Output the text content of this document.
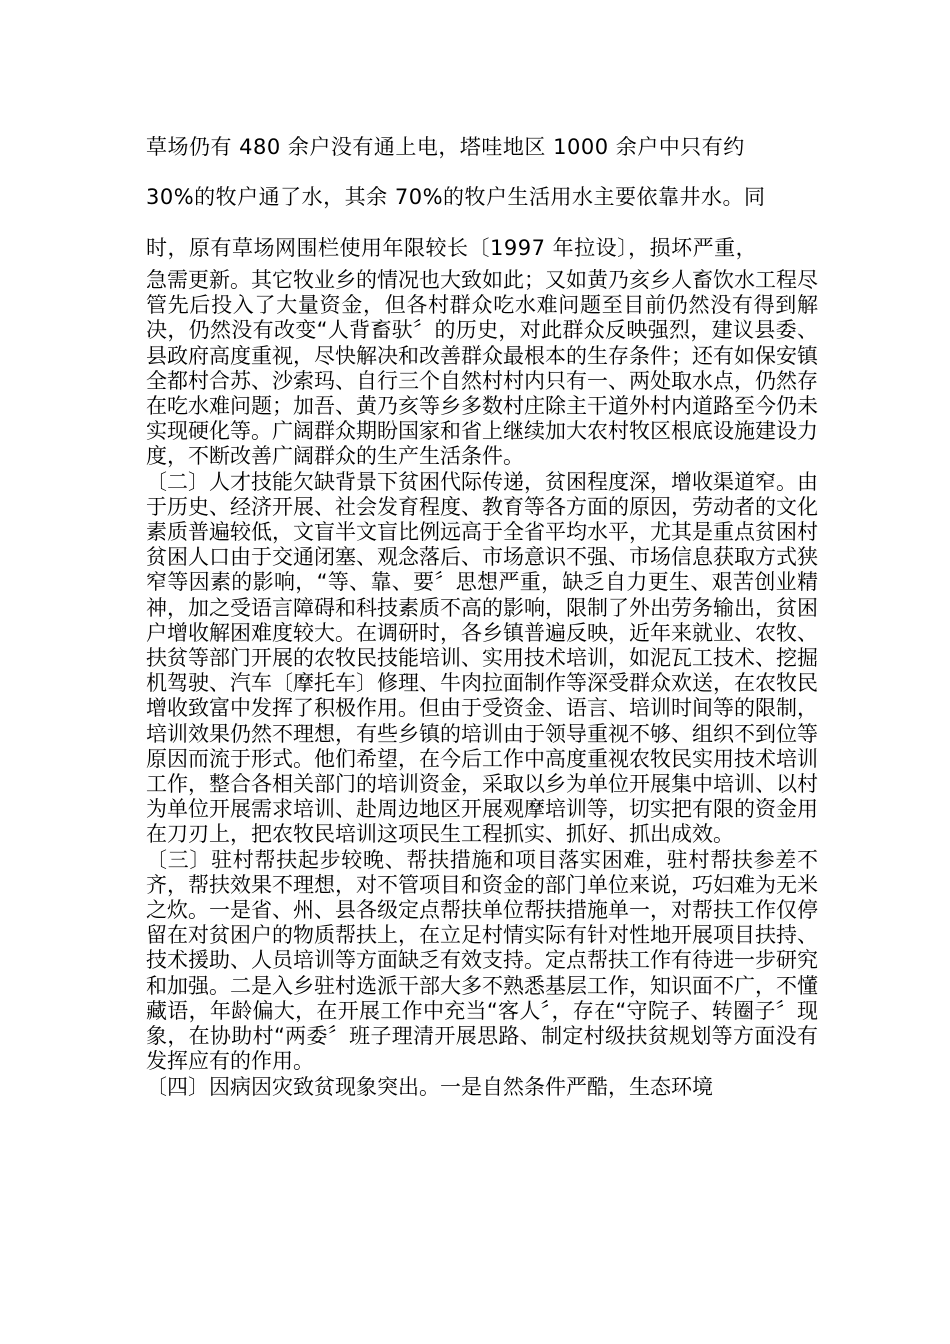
草场仍有 480 余户没有通上电，塔哇地区 1000 余户中只有约
30%的牧户通了水，其余 70%的牧户生活用水主要依靠井水。同
时，原有草场网围栏使用年限较长〔1997 年拉设〕，损坏严重，

急需更新。其它牧业乡的情况也大致如此；又如黄乃亥乡人畜饮水工程尽管先后投入了大量资金，但各村群众吃水难问题至目前仍然没有得到解决，仍然没有改变“人背畜驮〞的历史，对此群众反映强烈，建议县委、县政府高度重视，尽快解决和改善群众最根本的生存条件；还有如保安镇全都村合苏、沙索玛、自行三个自然村村内只有一、两处取水点，仍然存在吃水难问题；加吾、黄乃亥等乡多数村庄除主干道外村内道路至今仍未实现硬化等。广阔群众期盼国家和省上继续加大农村牧区根底设施建设力度，不断改善广阔群众的生产生活条件。

〔二〕人才技能欠缺背景下贫困代际传递，贫困程度深，增收渠道窄。由于历史、经济开展、社会发育程度、教育等各方面的原因，劳动者的文化素质普遍较低，文盲半文盲比例远高于全省平均水平，尤其是重点贫困村贫困人口由于交通闭塞、观念落后、市场意识不强、市场信息获取方式狭窄等因素的影响，“等、靠、要〞思想严重，缺乏自力更生、艰苦创业精神，加之受语言障碍和科技素质不高的影响，限制了外出劳务输出，贫困户增收解困难度较大。在调研时，各乡镇普遍反映，近年来就业、农牧、扶贫等部门开展的农牧民技能培训、实用技术培训，如泥瓦工技术、挖掘机驾驶、汽车〔摩托车〕修理、牛肉拉面制作等深受群众欢送，在农牧民增收致富中发挥了积极作用。但由于受资金、语言、培训时间等的限制，培训效果仍然不理想，有些乡镇的培训由于领导重视不够、组织不到位等原因而流于形式。他们希望，在今后工作中高度重视农牧民实用技术培训工作，整合各相关部门的培训资金，采取以乡为单位开展集中培训、以村为单位开展需求培训、赴周边地区开展观摩培训等，切实把有限的资金用在刀刃上，把农牧民培训这项民生工程抓实、抓好、抓出成效。

〔三〕驻村帮扶起步较晚、帮扶措施和项目落实困难，驻村帮扶参差不齐，帮扶效果不理想，对不管项目和资金的部门单位来说，巧妇难为无米之炊。一是省、州、县各级定点帮扶单位帮扶措施单一，对帮扶工作仅停留在对贫困户的物质帮扶上，在立足村情实际有针对性地开展项目扶持、技术援助、人员培训等方面缺乏有效支持。定点帮扶工作有待进一步研究和加强。二是入乡驻村选派干部大多不熟悉基层工作，知识面不广，不懂藏语，年龄偏大，在开展工作中充当“客人〞，存在“守院子、转圈子〞现象，在协助村“两委〞班子理清开展思路、制定村级扶贫规划等方面没有发挥应有的作用。

〔四〕因病因灾致贫现象突出。一是自然条件严酷，生态环境
